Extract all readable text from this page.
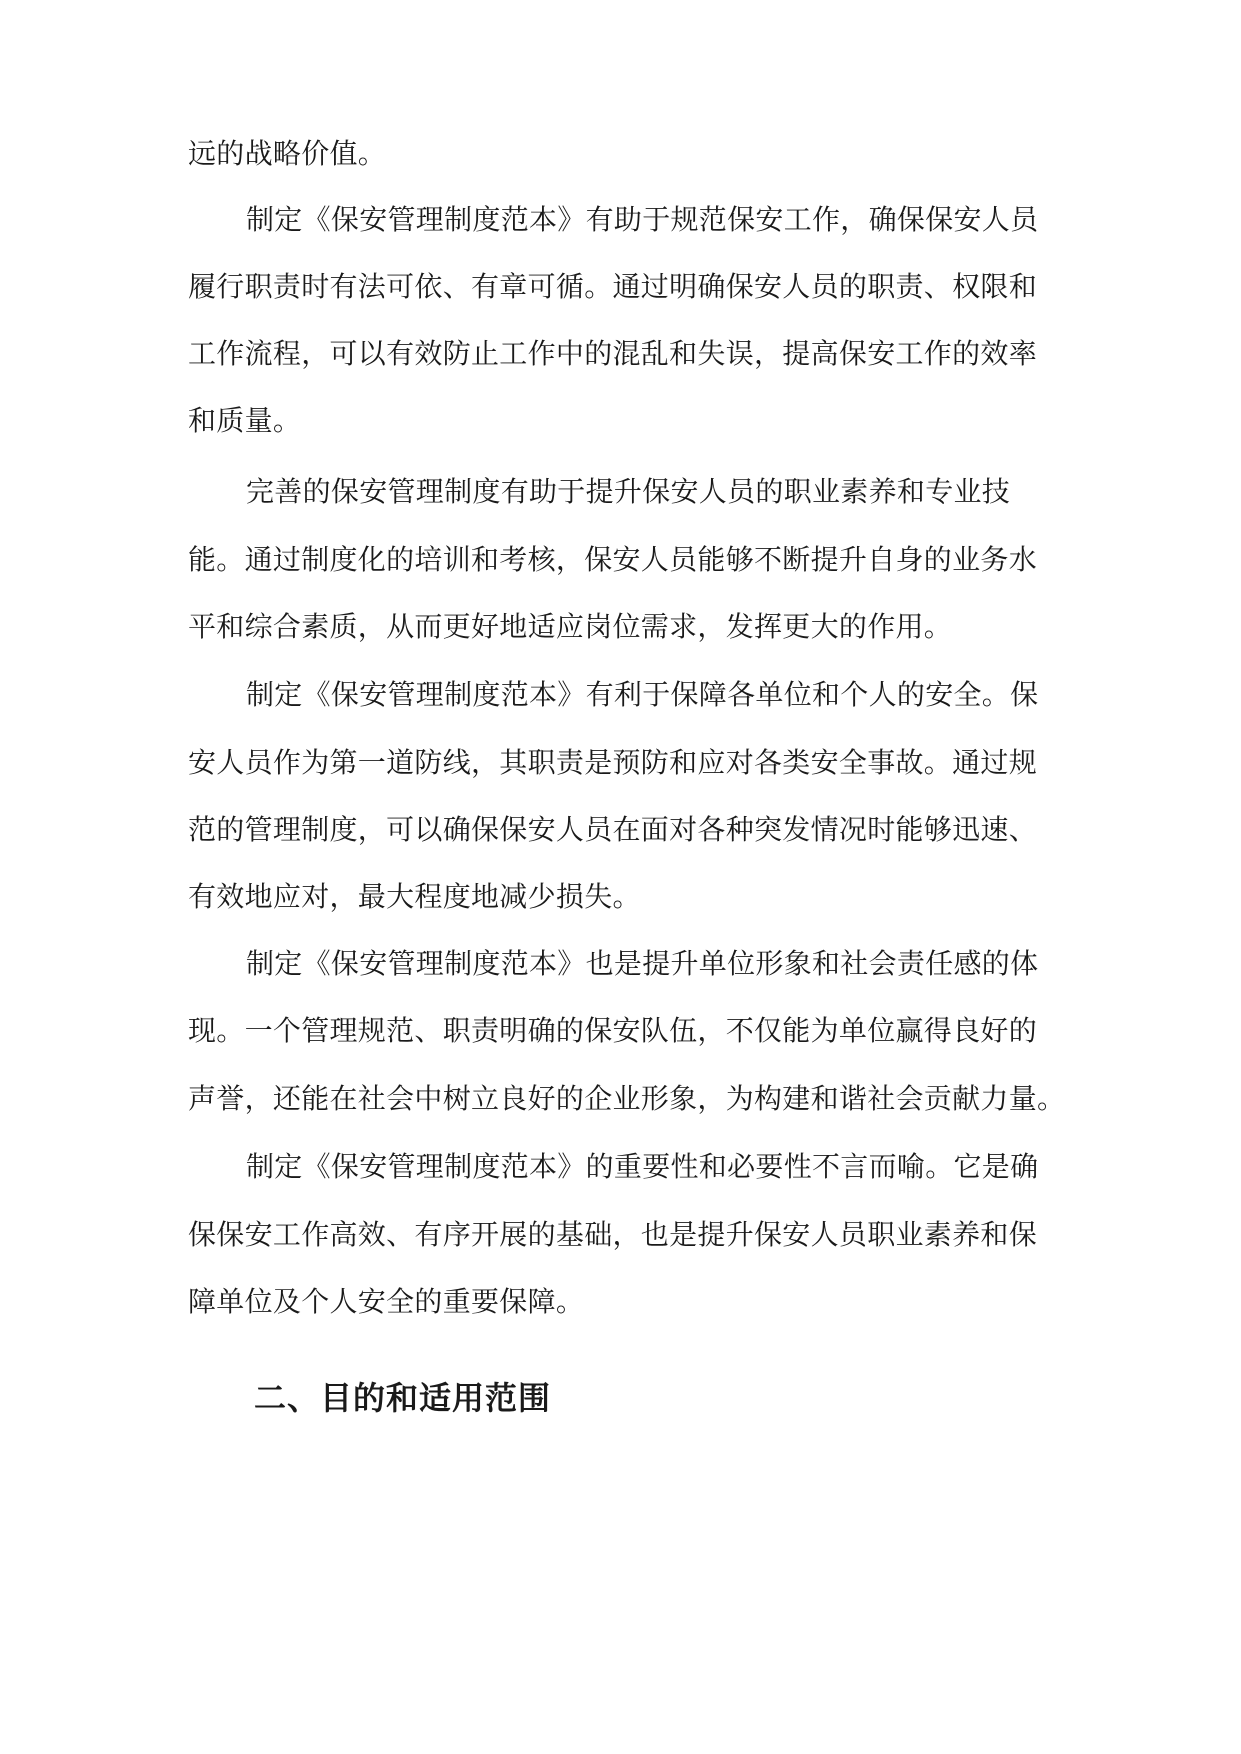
远的战略价值。
制定《保安管理制度范本》有助于规范保安工作，确保保安人员
履行职责时有法可依、有章可循。通过明确保安人员的职责、权限和
工作流程，可以有效防止工作中的混乱和失误，提高保安工作的效率
和质量。
完善的保安管理制度有助于提升保安人员的职业素养和专业技
能。通过制度化的培训和考核，保安人员能够不断提升自身的业务水
平和综合素质，从而更好地适应岗位需求，发挥更大的作用。
制定《保安管理制度范本》有利于保障各单位和个人的安全。保
安人员作为第一道防线，其职责是预防和应对各类安全事故。通过规
范的管理制度，可以确保保安人员在面对各种突发情况时能够迅速、
有效地应对，最大程度地减少损失。
制定《保安管理制度范本》也是提升单位形象和社会责任感的体
现。一个管理规范、职责明确的保安队伍，不仅能为单位赢得良好的
声誉，还能在社会中树立良好的企业形象，为构建和谐社会贡献力量。
制定《保安管理制度范本》的重要性和必要性不言而喻。它是确
保保安工作高效、有序开展的基础，也是提升保安人员职业素养和保
障单位及个人安全的重要保障。
二、目的和适用范围
